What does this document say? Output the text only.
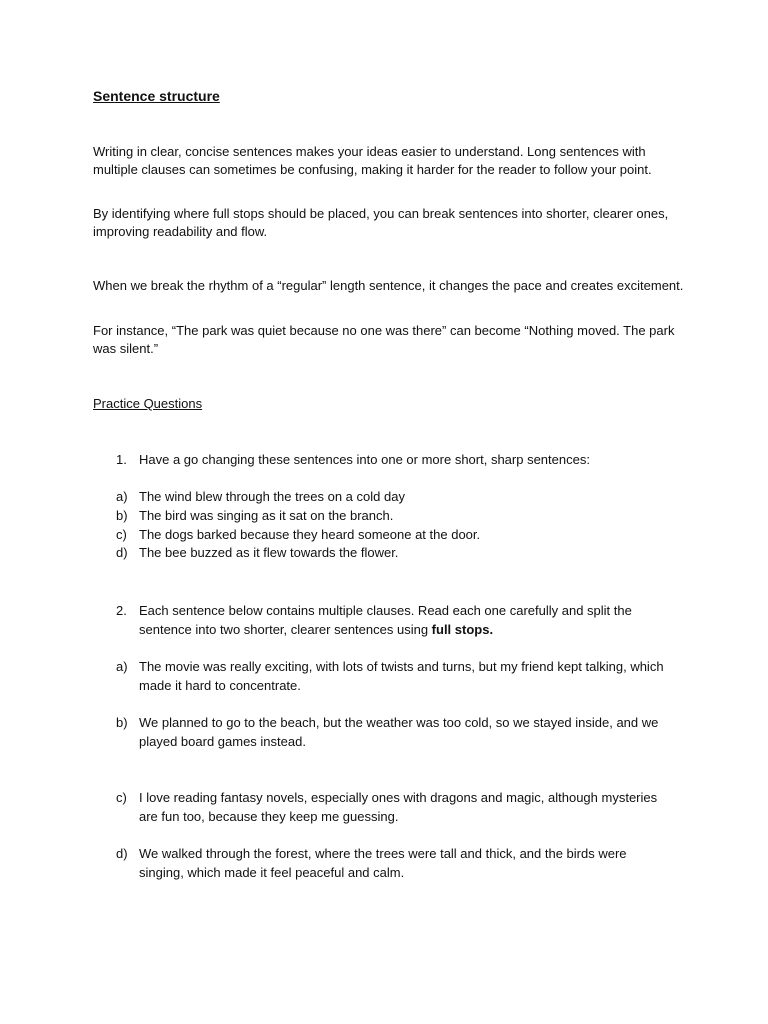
Sentence structure

Writing in clear, concise sentences makes your ideas easier to understand. Long sentences with multiple clauses can sometimes be confusing, making it harder for the reader to follow your point.

By identifying where full stops should be placed, you can break sentences into shorter, clearer ones, improving readability and flow.

When we break the rhythm of a “regular” length sentence, it changes the pace and creates excitement.

For instance, “The park was quiet because no one was there” can become “Nothing moved. The park was silent.”

Practice Questions

1. Have a go changing these sentences into one or more short, sharp sentences:
a) The wind blew through the trees on a cold day
b) The bird was singing as it sat on the branch.
c) The dogs barked because they heard someone at the door.
d) The bee buzzed as it flew towards the flower.
2. Each sentence below contains multiple clauses. Read each one carefully and split the sentence into two shorter, clearer sentences using full stops.
a) The movie was really exciting, with lots of twists and turns, but my friend kept talking, which made it hard to concentrate.
b) We planned to go to the beach, but the weather was too cold, so we stayed inside, and we played board games instead.
c) I love reading fantasy novels, especially ones with dragons and magic, although mysteries are fun too, because they keep me guessing.
d) We walked through the forest, where the trees were tall and thick, and the birds were singing, which made it feel peaceful and calm.
